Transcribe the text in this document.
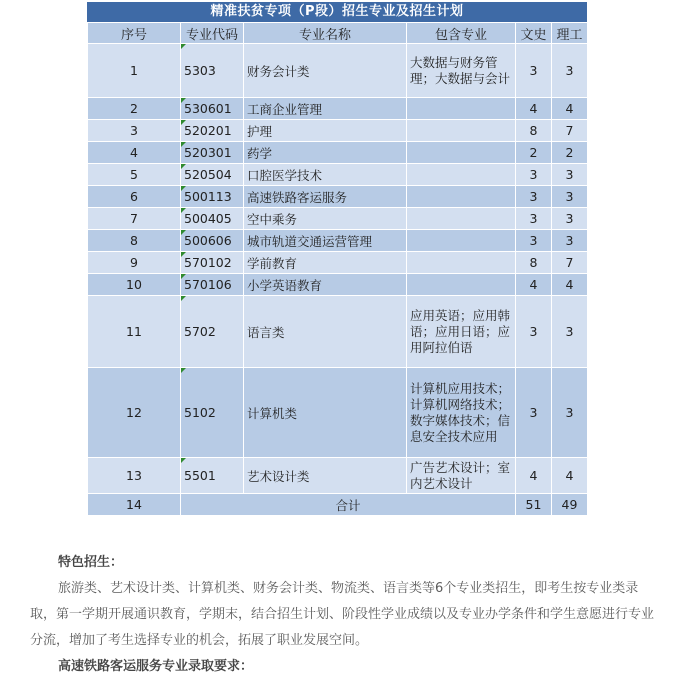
精准扶贫专项（P段）招生专业及招生计划
序号	专业代码	专业名称	包含专业	文史	理工
1	5303	财务会计类	大数据与财务管理；大数据与会计	3	3
2	530601	工商企业管理		4	4
3	520201	护理		8	7
4	520301	药学		2	2
5	520504	口腔医学技术		3	3
6	500113	高速铁路客运服务		3	3
7	500405	空中乘务		3	3
8	500606	城市轨道交通运营管理		3	3
9	570102	学前教育		8	7
10	570106	小学英语教育		4	4
11	5702	语言类	应用英语；应用韩语；应用日语；应用阿拉伯语	3	3
12	5102	计算机类	计算机应用技术；计算机网络技术；数字媒体技术；信息安全技术应用	3	3
13	5501	艺术设计类	广告艺术设计；室内艺术设计	4	4
14	合计			51	49
特色招生：

旅游类、艺术设计类、计算机类、财务会计类、物流类、语言类等6个专业类招生，即考生按专业类录取，第一学期开展通识教育，学期末，结合招生计划、阶段性学业成绩以及专业办学条件和学生意愿进行专业分流，增加了考生选择专业的机会，拓展了职业发展空间。

高速铁路客运服务专业录取要求：
